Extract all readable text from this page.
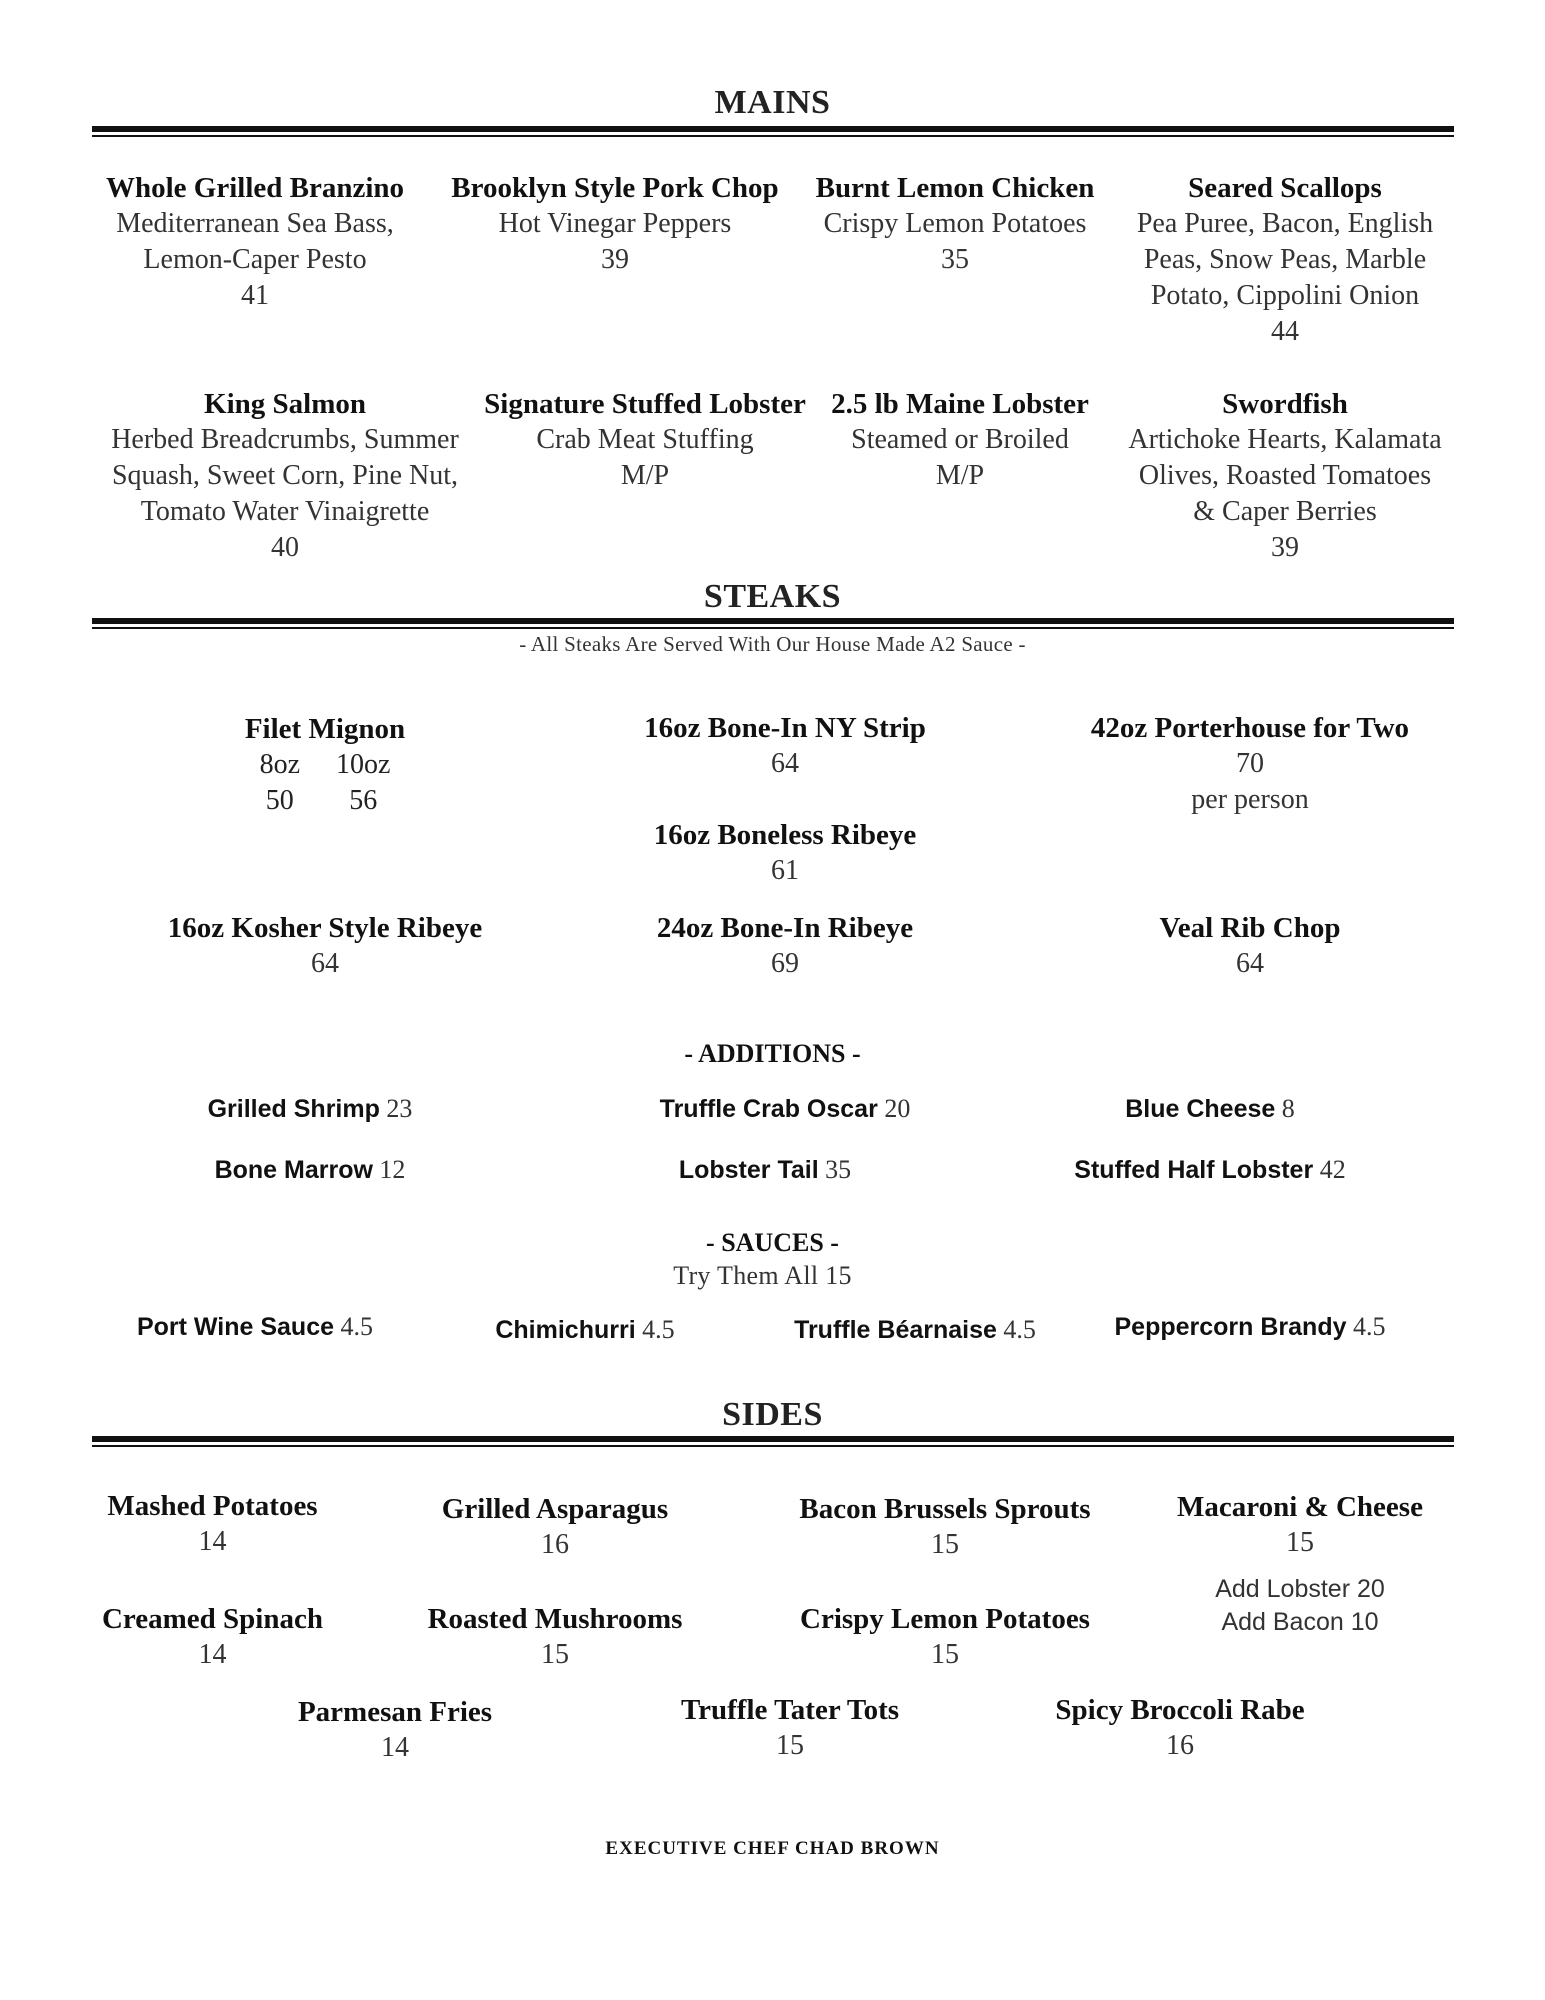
MAINS
Whole Grilled Branzino
Mediterranean Sea Bass,
Lemon-Caper Pesto
41
Brooklyn Style Pork Chop
Hot Vinegar Peppers
39
Burnt Lemon Chicken
Crispy Lemon Potatoes
35
Seared Scallops
Pea Puree, Bacon, English
Peas, Snow Peas, Marble
Potato, Cippolini Onion
44
King Salmon
Herbed Breadcrumbs, Summer
Squash, Sweet Corn, Pine Nut,
Tomato Water Vinaigrette
40
Signature Stuffed Lobster
Crab Meat Stuffing
M/P
2.5 lb Maine Lobster
Steamed or Broiled
M/P
Swordfish
Artichoke Hearts, Kalamata
Olives, Roasted Tomatoes
& Caper Berries
39
STEAKS
- All Steaks Are Served With Our House Made A2 Sauce -
Filet Mignon
8oz 10oz
50	56
16oz Bone-In NY Strip
64
42oz Porterhouse for Two
70
per person
16oz Boneless Ribeye
61
16oz Kosher Style Ribeye
64
24oz Bone-In Ribeye
69
Veal Rib Chop
64
- ADDITIONS -
Grilled Shrimp 23	Truffle Crab Oscar 20	Blue Cheese 8
Bone Marrow 12	Lobster Tail 35	Stuffed Half Lobster 42
- SAUCES -
Try Them All 15
Port Wine Sauce 4.5	Chimichurri 4.5	Truffle Béarnaise 4.5	Peppercorn Brandy 4.5
SIDES
Mashed Potatoes
14
Grilled Asparagus
16
Bacon Brussels Sprouts
15
Macaroni & Cheese
15
Add Lobster 20
Add Bacon 10
Creamed Spinach
14
Roasted Mushrooms
15
Crispy Lemon Potatoes
15
Parmesan Fries
14
Truffle Tater Tots
15
Spicy Broccoli Rabe
16
EXECUTIVE CHEF CHAD BROWN
